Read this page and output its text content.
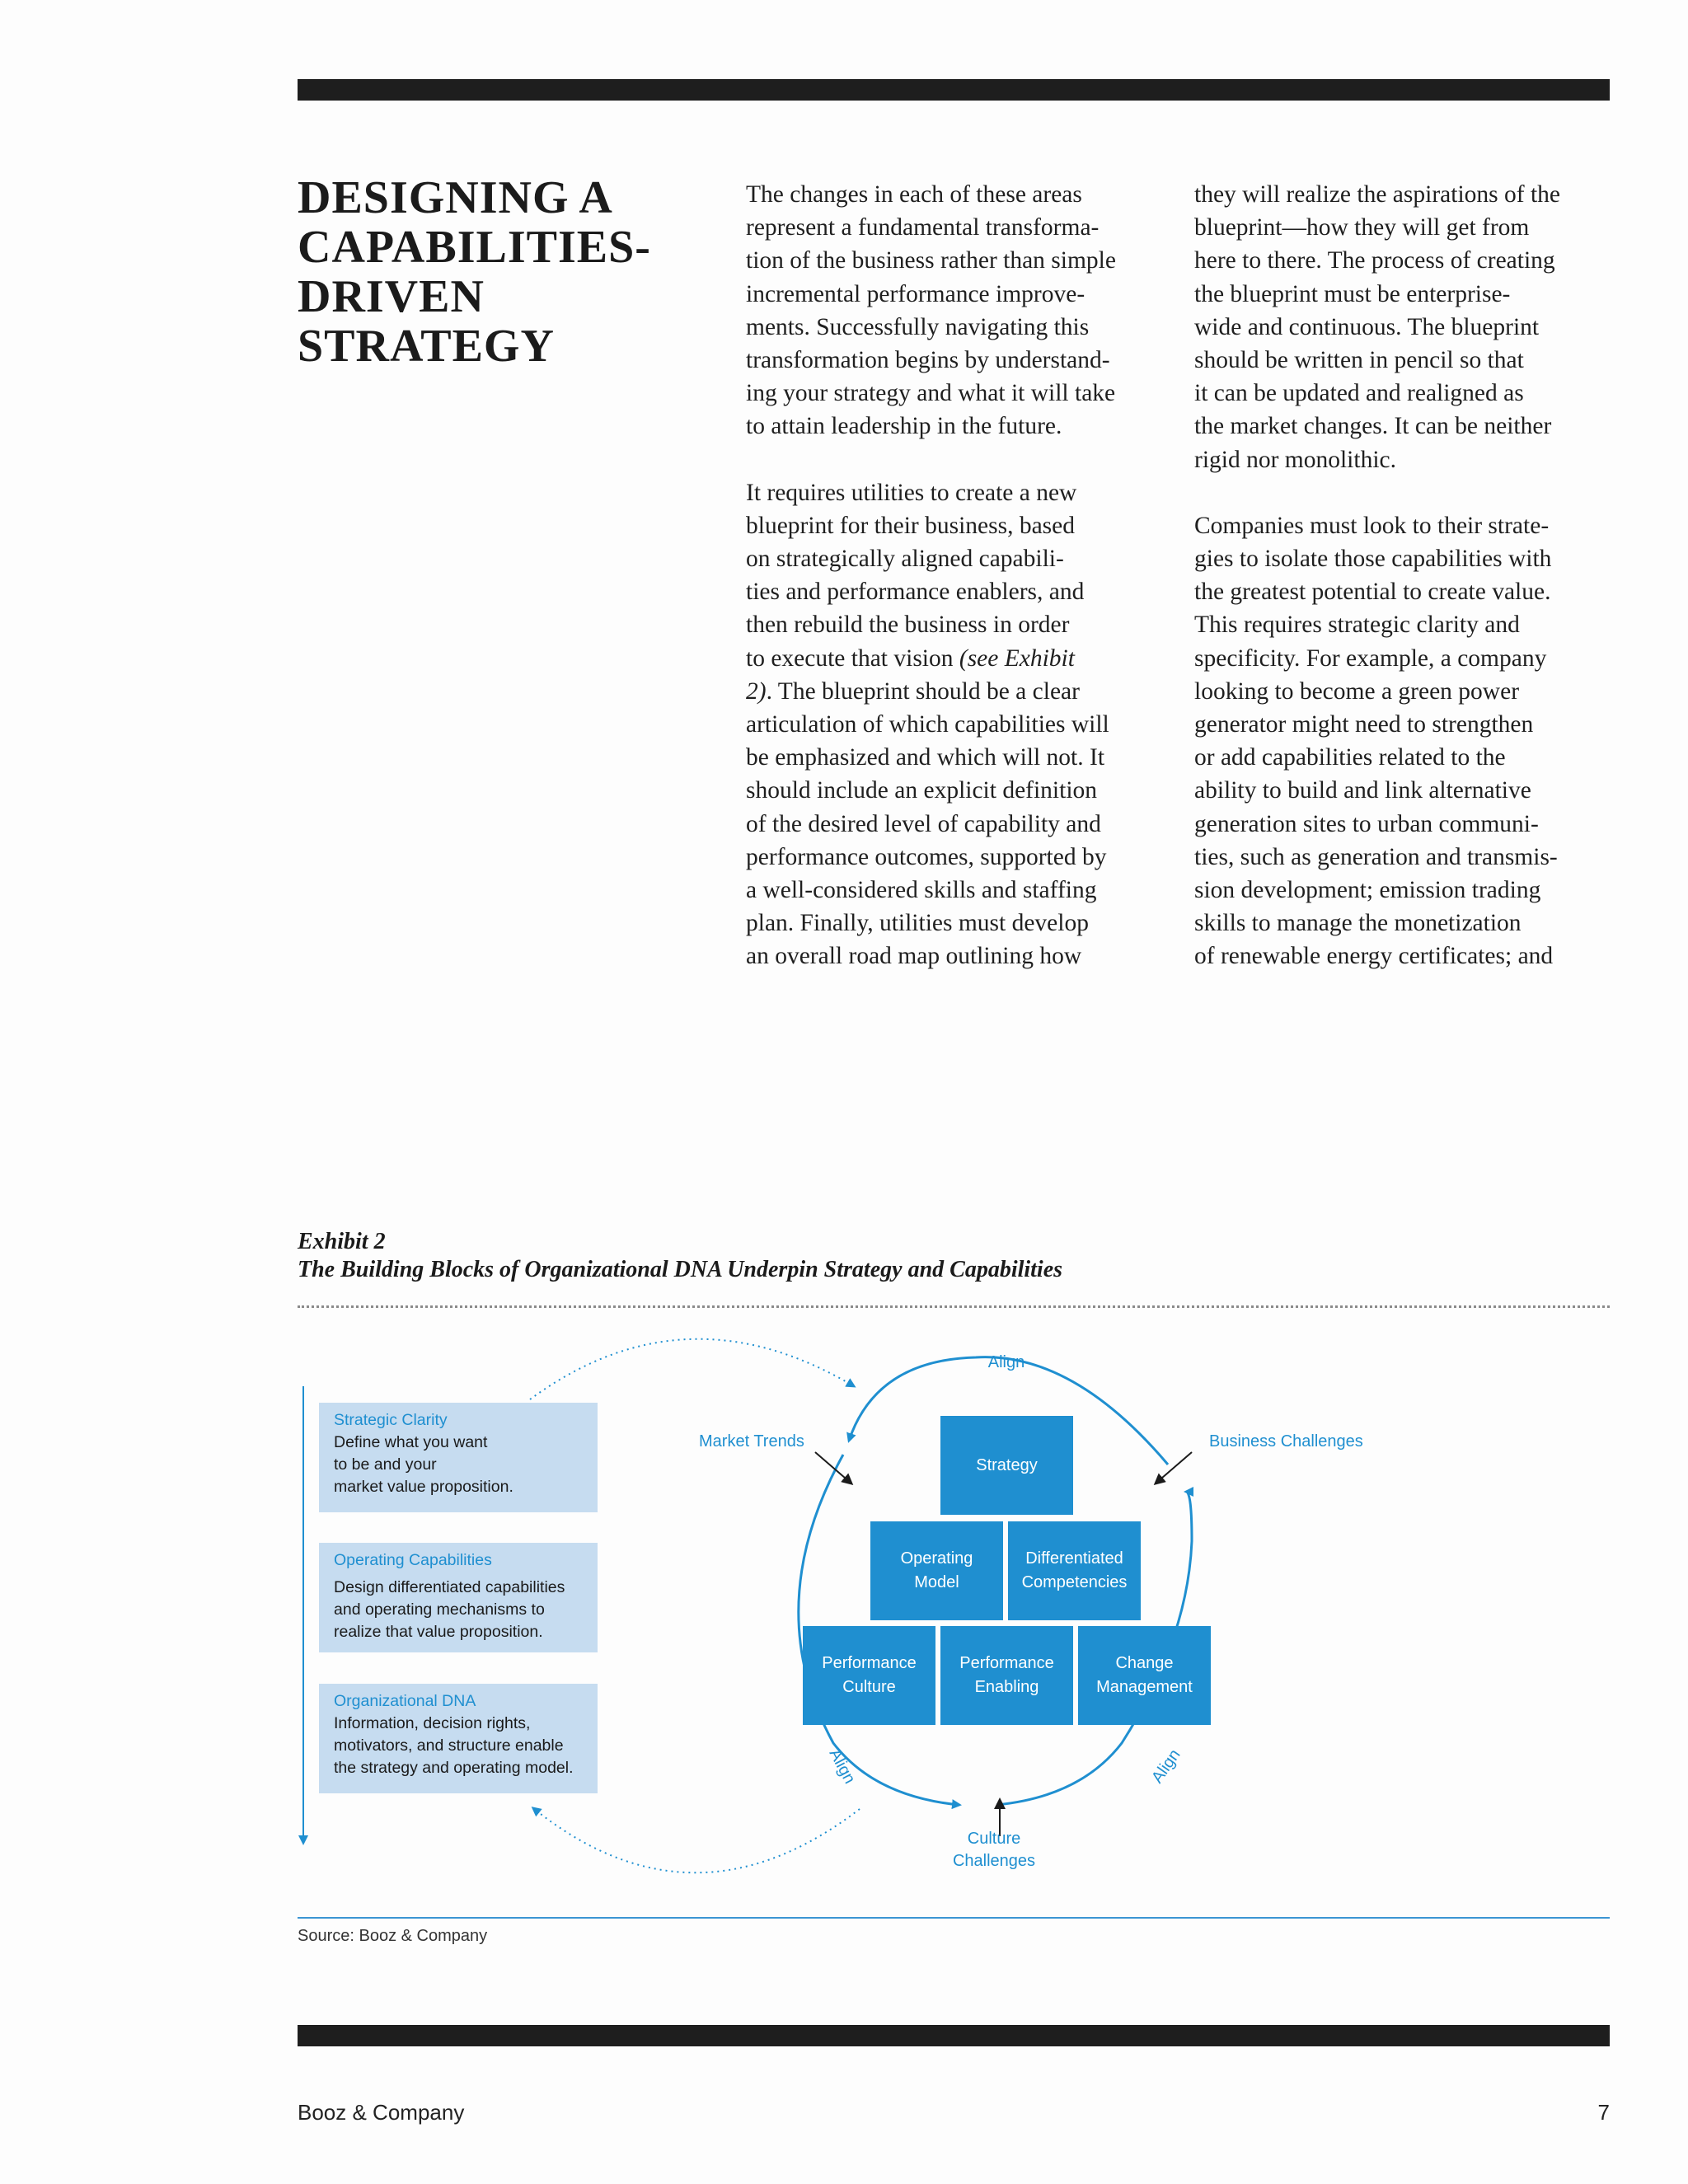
DESIGNING A
CAPABILITIES-
DRIVEN
STRATEGY

The changes in each of these areas
represent a fundamental transforma-
tion of the business rather than simple
incremental performance improve-
ments. Successfully navigating this
transformation begins by understand-
ing your strategy and what it will take
to attain leadership in the future.

It requires utilities to create a new
blueprint for their business, based
on strategically aligned capabili-
ties and performance enablers, and
then rebuild the business in order
to execute that vision (see Exhibit
2). The blueprint should be a clear
articulation of which capabilities will
be emphasized and which will not. It
should include an explicit definition
of the desired level of capability and
performance outcomes, supported by
a well-considered skills and staffing
plan. Finally, utilities must develop
an overall road map outlining how

they will realize the aspirations of the
blueprint—how they will get from
here to there. The process of creating
the blueprint must be enterprise-
wide and continuous. The blueprint
should be written in pencil so that
it can be updated and realigned as
the market changes. It can be neither
rigid nor monolithic.

Companies must look to their strate-
gies to isolate those capabilities with
the greatest potential to create value.
This requires strategic clarity and
specificity. For example, a company
looking to become a green power
generator might need to strengthen
or add capabilities related to the
ability to build and link alternative
generation sites to urban communi-
ties, such as generation and transmis-
sion development; emission trading
skills to manage the monetization
of renewable energy certificates; and

Exhibit 2
The Building Blocks of Organizational DNA Underpin Strategy and Capabilities
Strategic Clarity
Define what you want
to be and your
market value proposition.
Operating Capabilities
Design differentiated capabilities
and operating mechanisms to
realize that value proposition.
Organizational DNA
Information, decision rights,
motivators, and structure enable
the strategy and operating model.
Strategy
Operating
Model
Differentiated
Competencies
Performance
Culture
Performance
Enabling
Change
Management
Align
Align	Align
Market Trends	Business Challenges
Culture
Challenges
Source: Booz & Company
Booz & Company	7
